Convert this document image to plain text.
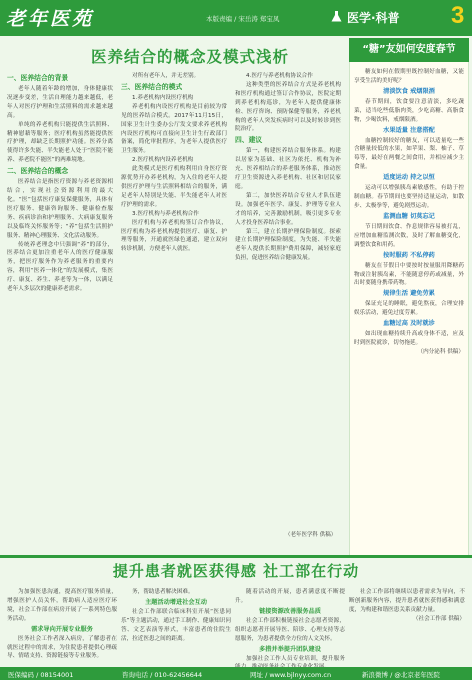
老年医苑	本版责编 / 宋岳涛 郑宝凤	医学·科普 3
医养结合的概念及模式浅析
一、医养结合的背景

老年人随着年龄的增加，身体健康状况逐步变差，生活自理能力越来越低，老年人对医疗护理和生活照料的需求越来越高。

单纯的养老机构只能提供生活照料、精神慰藉等服务；医疗机构虽然能提供医疗护理，却缺乏长期照护功能。医养分离使得许多失能、半失能老人处于“医院不能养、养老院不能医”的两难境地。

二、医养结合的概念

医养结合是指医疗资源与养老资源相结合，实现社会资源利用的最大化。“医”包括医疗康复保健服务，具体有医疗服务、健康咨询服务、健康检查服务、疾病诊治和护理服务、大病康复服务以及临终关怀服务等；“养”包括生活照护服务、精神心理服务、文化活动服务。

传统养老理念中只强调“养”的部分，医养结合更加注重老年人的医疗健康服务，把医疗服务作为养老服务的重要内容，利用“医养一体化”的发展模式，集医疗、康复、养生、养老等为一体，以满足老年人多层次的健康养老需求。

对所有老年人，并无差别。

三、医养结合的模式

1.养老机构内设医疗机构

养老机构内设医疗机构是目前较为常见的医养结合模式。2017年11月15日，国家卫生计生委办公厅发文要求养老机构内设医疗机构可直接向卫生计生行政部门备案，简化审批程序，为老年人提供医疗卫生服务。

2.医疗机构内设养老机构

此类模式是医疗机构利用自身医疗资源优势开办养老机构，为入住的老年人提供医疗护理与生活照料相结合的服务，满足老年人特别是失能、半失能老年人对医疗护理的需求。

3.医疗机构与养老机构合作

医疗机构与养老机构签订合作协议，医疗机构为养老机构提供医疗、康复、护理等服务，开通就医绿色通道，建立双向转诊机制，方便老年人就医。

4.医疗与养老机构协议合作

这种类型的医养结合方式是养老机构和医疗机构通过签订合作协议，医院定期到养老机构巡诊，为老年人提供健康体检、医疗咨询、预防保健等服务，养老机构的老年人突发疾病时可以及时转诊到医院治疗。

四、建议

第一，构建医养结合服务体系。构建以居家为基础、社区为依托、机构为补充、医养相结合的养老服务体系，推动医疗卫生资源进入养老机构、社区和居民家庭。

第二，加快医养结合专业人才队伍建设。加强老年医学、康复、护理等专业人才的培养，完善激励机制，吸引更多专业人才投身医养结合事业。

第三，建立长期护理保险制度。探索建立长期护理保险制度，为失能、半失能老年人提供长期照护费用保障，减轻家庭负担，促进医养结合健康发展。

（老年医学科 供稿）
“糖”友如何安度春节

糖友如何在假期里既控制好血糖，又能享受生活的美好呢？

清淡饮食 戒烟限酒

春节期间，饮食要注意清淡，多吃蔬菜，适当吃些低脂肉类，少吃高糖、高脂食物，少喝饮料，戒烟限酒。

水果适量 注意搭配

血糖控制较好的糖友，可以适量吃一些含糖量较低的水果，如苹果、梨、柚子、草莓等，最好在两餐之间食用，并相应减少主食量。

适度运动 持之以恒

运动可以增强胰岛素敏感性，有助于控制血糖。春节期间也要坚持适量运动，如散步、太极拳等，避免剧烈运动。

监测血糖 切莫忘记

节日期间饮食、作息规律容易被打乱，应增加血糖监测次数，及时了解血糖变化，调整饮食和用药。

按时服药 不私停药

糖友在节假日中要按时按量服用降糖药物或注射胰岛素，不能随意停药或减量，外出时要随身携带药物。

规律生活 避免劳累

保证充足的睡眠，避免熬夜，合理安排娱乐活动，避免过度劳累。

血糖过高 及时就诊

如出现血糖持续升高或身体不适，应及时到医院就诊，切勿拖延。

（内分泌科 供稿）

提升患者就医获得感 社工部在行动

为加强医患沟通，提高医疗服务质量，增强医护人员关怀，帮助病人适应医疗环境，社会工作部在病房开展了一系列特色服务活动。

需求导向开展专业服务

医务社会工作者深入病房，了解患者在就医过程中的需求，为住院患者提供心理疏导、情绪支持、资源链接等专业服务。

务，帮助患者解决困难。

主题活动增进社会互动

社会工作部联合临床科室开展“医患同乐”等主题活动，通过手工制作、健康知识问答、文艺表演等形式，丰富患者的住院生活，拉近医患之间的距离。

随着活动的开展，患者满意度不断提升。

链接资源改善服务品质

社会工作部积极链接社会志愿者资源，组织志愿者开展导医、陪诊、心理支持等志愿服务，为患者提供全方位的人文关怀。

多措并举提升团队建设

加强社会工作人员专业培训，提升服务

社会工作部将继续以患者需求为导向，不断创新服务内容，提升患者就医获得感和满意度，为构建和谐医患关系贡献力量。

（社会工作部 供稿）

医保编码 / 08154001	咨询电话 / 010-62456644	网址 / www.bjlnyy.com.cn	新浪微博 / @北京老年医院
